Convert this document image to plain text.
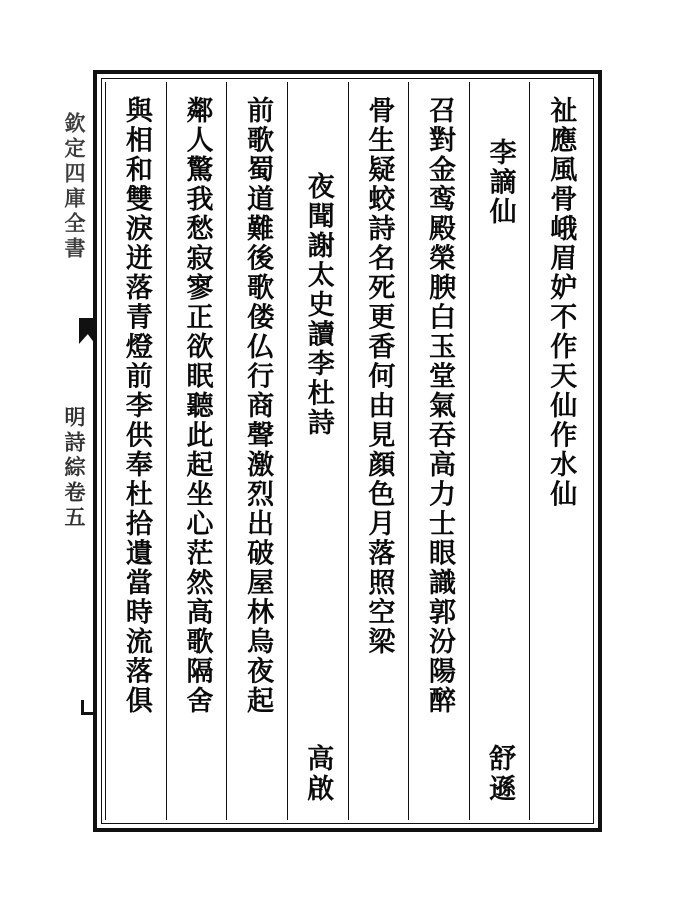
欽定四庫全書
明詩綜卷五	祉應風骨峨眉妒不作天仙作水仙
李謫仙
舒遜
召對金鸾殿榮腴白玉堂氣吞高力士眼識郭汾陽醉
骨生疑蛟詩名死更香何由見顔色月落照空梁
夜聞謝太史讀李杜詩
高啟
前歌蜀道難後歌偻仏行商聲激烈出破屋林烏夜起
鄰人驚我愁寂寥正欲眠聽此起坐心茫然高歌隔舍
與相和雙淚迸落青燈前李供奉杜拾遺當時流落俱
